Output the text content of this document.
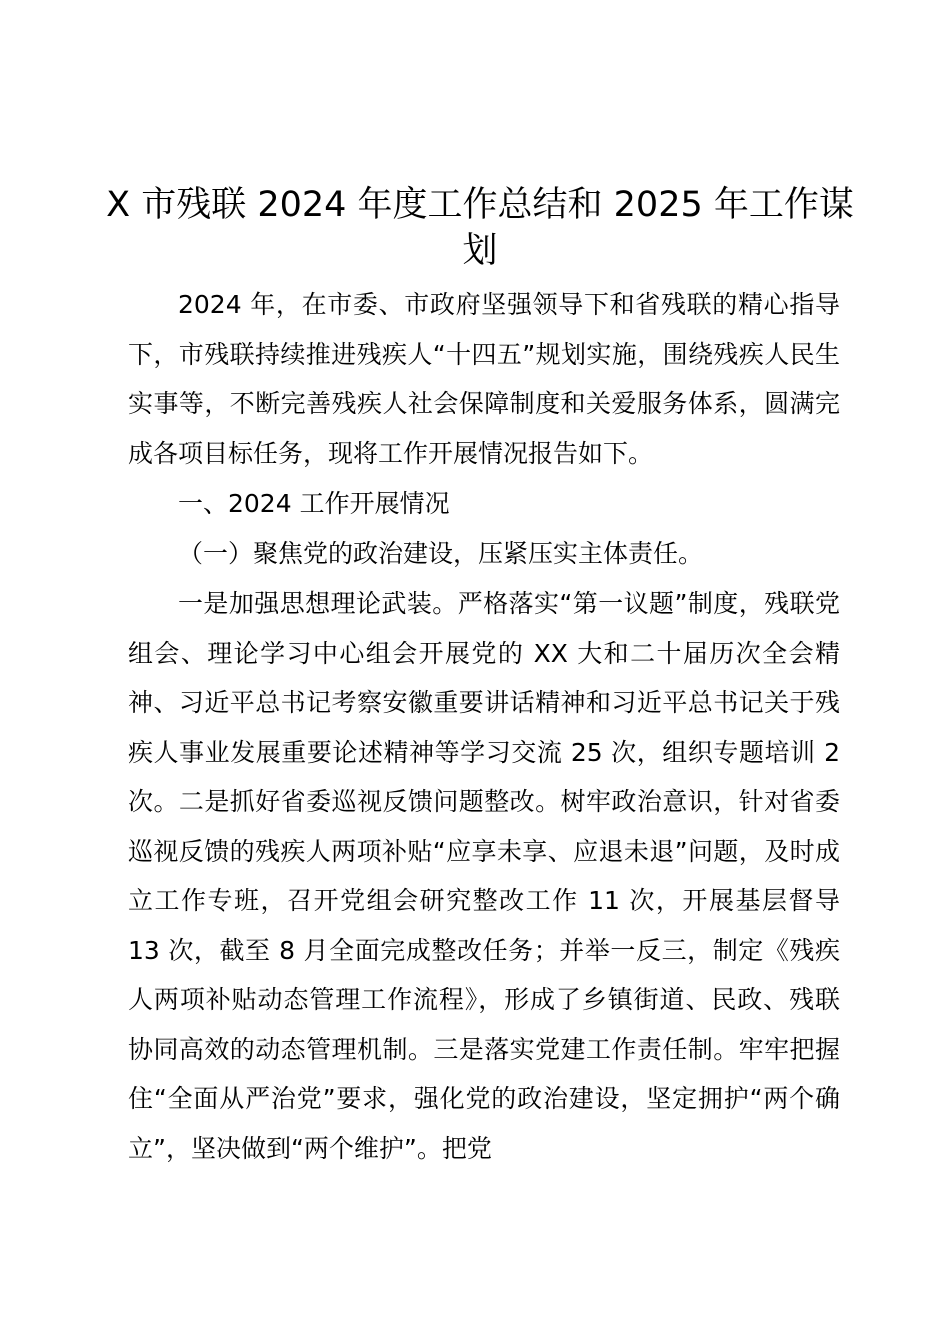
X 市残联 2024 年度工作总结和 2025 年工作谋划

2024 年，在市委、市政府坚强领导下和省残联的精心指导下，市残联持续推进残疾人“十四五”规划实施，围绕残疾人民生实事等，不断完善残疾人社会保障制度和关爱服务体系，圆满完成各项目标任务，现将工作开展情况报告如下。

一、2024 工作开展情况

（一）聚焦党的政治建设，压紧压实主体责任。

一是加强思想理论武装。严格落实“第一议题”制度，残联党组会、理论学习中心组会开展党的 XX 大和二十届历次全会精神、习近平总书记考察安徽重要讲话精神和习近平总书记关于残疾人事业发展重要论述精神等学习交流 25 次，组织专题培训 2 次。二是抓好省委巡视反馈问题整改。树牢政治意识，针对省委巡视反馈的残疾人两项补贴“应享未享、应退未退”问题，及时成立工作专班，召开党组会研究整改工作 11 次，开展基层督导 13 次，截至 8 月全面完成整改任务；并举一反三，制定《残疾人两项补贴动态管理工作流程》，形成了乡镇街道、民政、残联协同高效的动态管理机制。三是落实党建工作责任制。牢牢把握住“全面从严治党”要求，强化党的政治建设，坚定拥护“两个确立”，坚决做到“两个维护”。把党
